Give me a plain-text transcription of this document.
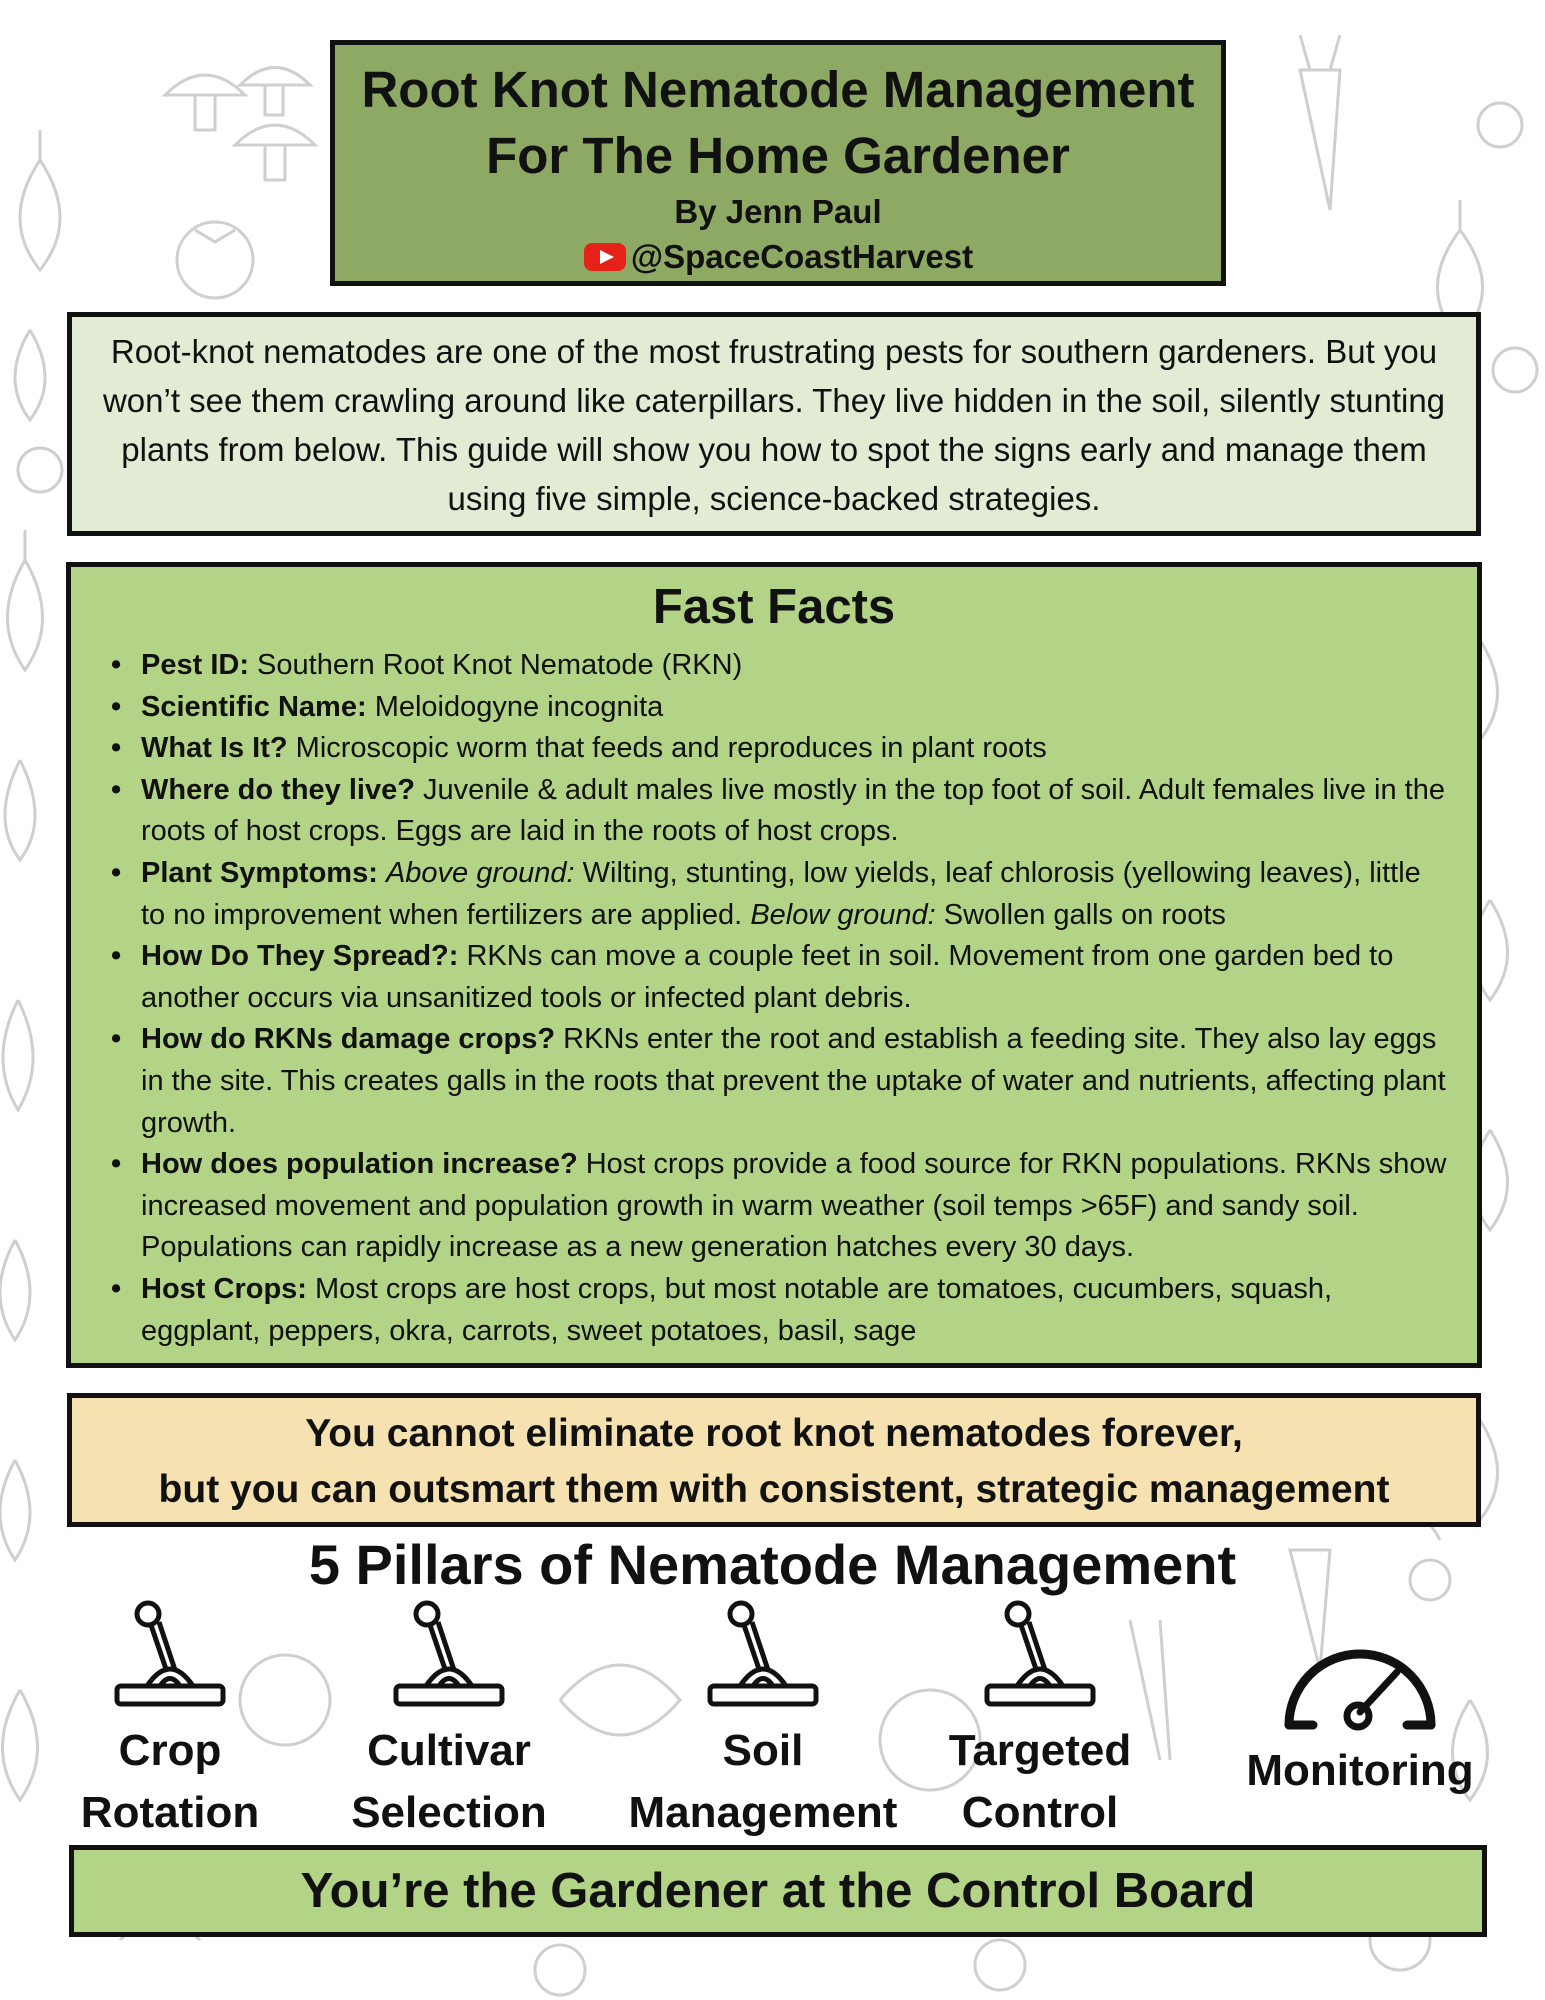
Root Knot Nematode Management
For The Home Gardener
By Jenn Paul
@SpaceCoastHarvest
Root-knot nematodes are one of the most frustrating pests for southern gardeners. But you won’t see them crawling around like caterpillars. They live hidden in the soil, silently stunting plants from below. This guide will show you how to spot the signs early and manage them using five simple, science-backed strategies.
Fast Facts
• Pest ID: Southern Root Knot Nematode (RKN)
• Scientific Name: Meloidogyne incognita
• What Is It? Microscopic worm that feeds and reproduces in plant roots
• Where do they live? Juvenile & adult males live mostly in the top foot of soil. Adult females live in the roots of host crops. Eggs are laid in the roots of host crops.
• Plant Symptoms: Above ground: Wilting, stunting, low yields, leaf chlorosis (yellowing leaves), little to no improvement when fertilizers are applied. Below ground: Swollen galls on roots
• How Do They Spread?: RKNs can move a couple feet in soil. Movement from one garden bed to another occurs via unsanitized tools or infected plant debris.
• How do RKNs damage crops? RKNs enter the root and establish a feeding site. They also lay eggs in the site. This creates galls in the roots that prevent the uptake of water and nutrients, affecting plant growth.
• How does population increase? Host crops provide a food source for RKN populations. RKNs show increased movement and population growth in warm weather (soil temps >65F) and sandy soil. Populations can rapidly increase as a new generation hatches every 30 days.
• Host Crops: Most crops are host crops, but most notable are tomatoes, cucumbers, squash, eggplant, peppers, okra, carrots, sweet potatoes, basil, sage
You cannot eliminate root knot nematodes forever,
but you can outsmart them with consistent, strategic management
5 Pillars of Nematode Management
Crop
Rotation
Cultivar
Selection
Soil
Management
Targeted
Control
Monitoring
You’re the Gardener at the Control Board
